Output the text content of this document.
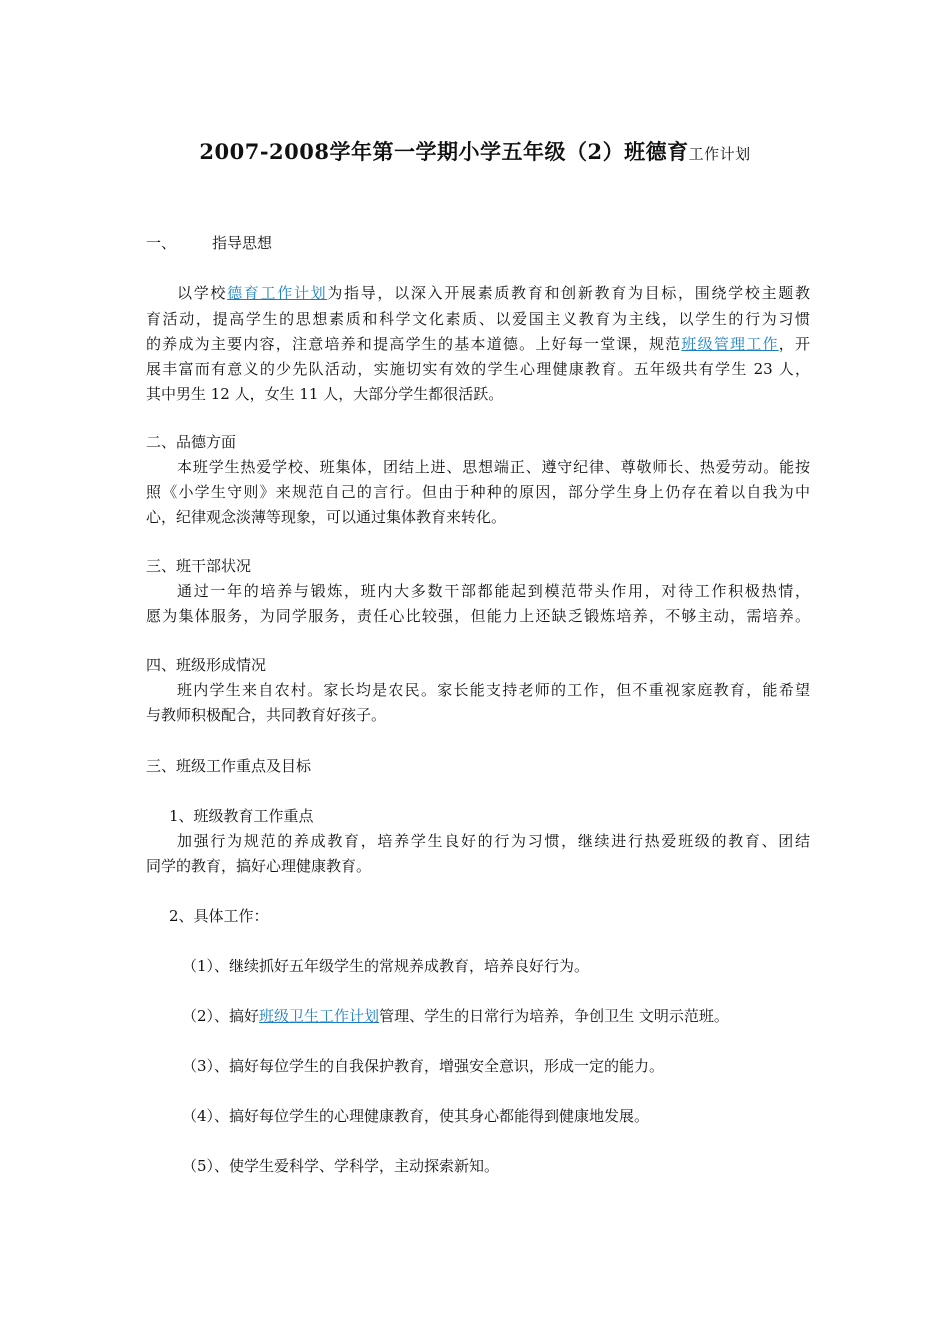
2007-2008学年第一学期小学五年级（2）班德育工作计划
一、 指导思想
以学校德育工作计划为指导，以深入开展素质教育和创新教育为目标，围绕学校主题教
育活动，提高学生的思想素质和科学文化素质、以爱国主义教育为主线，以学生的行为习惯
的养成为主要内容，注意培养和提高学生的基本道德。上好每一堂课，规范班级管理工作，开
展丰富而有意义的少先队活动，实施切实有效的学生心理健康教育。五年级共有学生 23 人，
其中男生 12 人，女生 11 人，大部分学生都很活跃。
二、品德方面
本班学生热爱学校、班集体，团结上进、思想端正、遵守纪律、尊敬师长、热爱劳动。能按
照《小学生守则》来规范自己的言行。但由于种种的原因，部分学生身上仍存在着以自我为中
心，纪律观念淡薄等现象，可以通过集体教育来转化。
三、班干部状况
通过一年的培养与锻炼，班内大多数干部都能起到模范带头作用，对待工作积极热情，
愿为集体服务，为同学服务，责任心比较强，但能力上还缺乏锻炼培养，不够主动，需培养。
四、班级形成情况
班内学生来自农村。家长均是农民。家长能支持老师的工作，但不重视家庭教育，能希望
与教师积极配合，共同教育好孩子。
三、班级工作重点及目标
1、班级教育工作重点
加强行为规范的养成教育，培养学生良好的行为习惯，继续进行热爱班级的教育、团结
同学的教育，搞好心理健康教育。
2、具体工作：
（1）、继续抓好五年级学生的常规养成教育，培养良好行为。
（2）、搞好班级卫生工作计划管理、学生的日常行为培养，争创卫生 文明示范班。
（3）、搞好每位学生的自我保护教育，增强安全意识，形成一定的能力。
（4）、搞好每位学生的心理健康教育，使其身心都能得到健康地发展。
（5）、使学生爱科学、学科学，主动探索新知。
